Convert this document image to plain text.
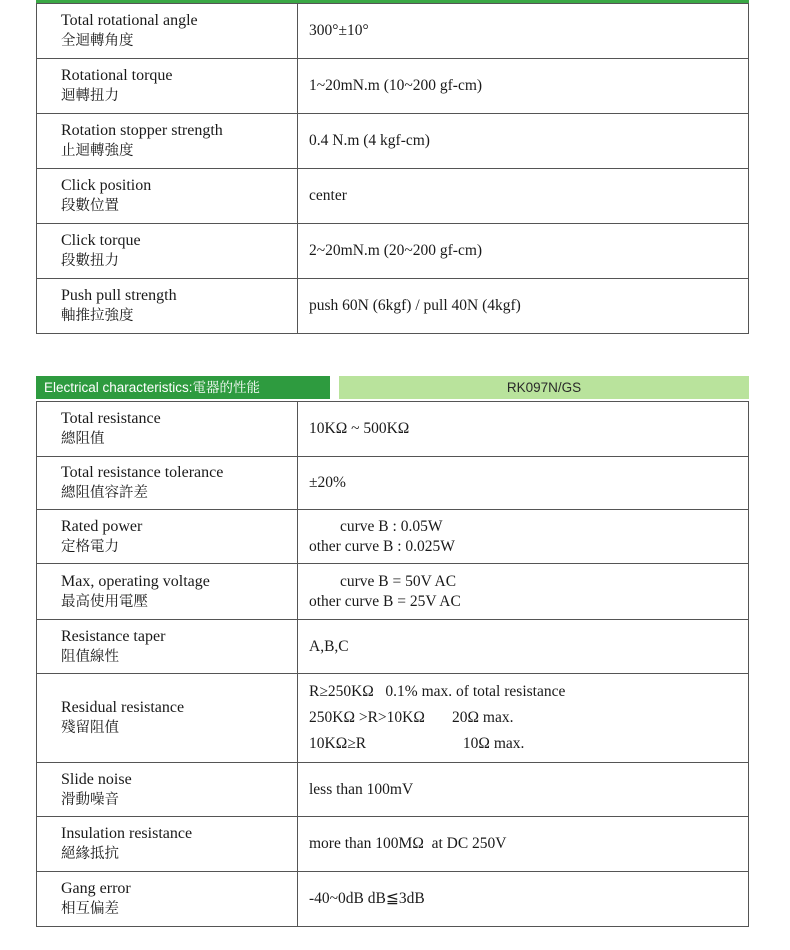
Total rotational angle
全迴轉角度	300°±10°

Rotational torque
迴轉扭力	1~20mN.m (10~200 gf-cm)

Rotation stopper strength
止迴轉強度	0.4 N.m (4 kgf-cm)

Click position
段數位置	center

Click torque
段數扭力	2~20mN.m (20~200 gf-cm)

Push pull strength
軸推拉強度	push 60N (6kgf) / pull 40N (4kgf)
Electrical characteristics:電器的性能	RK097N/GS
Total resistance
總阻值	10KΩ ~ 500KΩ

Total resistance tolerance
總阻值容許差	±20%

Rated power
定格電力	curve B : 0.05W
other curve B : 0.025W

Max, operating voltage
最高使用電壓	curve B = 50V AC
other curve B = 25V AC

Resistance taper
阻值線性	A,B,C

Residual resistance
殘留阻值	R≥250KΩ   0.1% max. of total resistance
250KΩ >R>10KΩ       20Ω max.
10KΩ≥R                         10Ω max.

Slide noise
滑動噪音	less than 100mV

Insulation resistance
絕緣抵抗	more than 100MΩ  at DC 250V

Gang error
相互偏差	-40~0dB dB≦3dB
